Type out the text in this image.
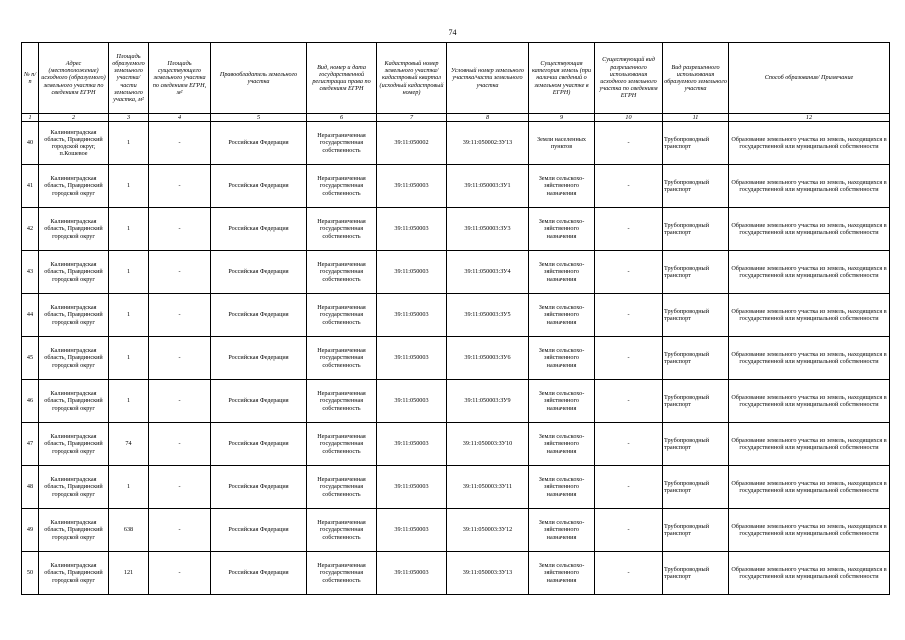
74
№ п/п	Адрес (местоположение) исходного (образуемого) земельного участка по сведениям ЕГРН	Площадь образуемого земельного участка/части земельного участка, м²	Площадь существующего земельного участка по сведениям ЕГРН, м²	Правообладатель земельного участка	Вид, номер и дата государственной регистрации права по сведениям ЕГРН	Кадастровый номер земельного участка/ кадастровый квартал (исходный кадастровый номер)	Условный номер земельного участка/части земельного участка	Существующая категория земель (при наличии сведений о земельном участке в ЕГРН)	Существующий вид разрешенного использования исходного земельного участка по сведениям ЕГРН	Вид разрешенного использования образуемого земельного участка	Способ образования/ Примечание
1	2	3	4	5	6	7	8	9	10	11	12
40	Калининградская область, Правдинский городской округ, п.Кошевое	1	-	Российская Федерация	Неразграниченная государственная собственность	39:11:050002	39:11:050002:ЗУ13	Земли населенных пунктов	-	Трубопроводный транспорт	Образование земельного участка из земель, находящихся в государственной или муниципальной собственности
41	Калининградская область, Правдинский городской округ	1	-	Российская Федерация	Неразграниченная государственная собственность	39:11:050003	39:11:050003:ЗУ1	Земли сельскохо-зяйственного назначения	-	Трубопроводный транспорт	Образование земельного участка из земель, находящихся в государственной или муниципальной собственности
42	Калининградская область, Правдинский городской округ	1	-	Российская Федерация	Неразграниченная государственная собственность	39:11:050003	39:11:050003:ЗУ3	Земли сельскохо-зяйственного назначения	-	Трубопроводный транспорт	Образование земельного участка из земель, находящихся в государственной или муниципальной собственности
43	Калининградская область, Правдинский городской округ	1	-	Российская Федерация	Неразграниченная государственная собственность	39:11:050003	39:11:050003:ЗУ4	Земли сельскохо-зяйственного назначения	-	Трубопроводный транспорт	Образование земельного участка из земель, находящихся в государственной или муниципальной собственности
44	Калининградская область, Правдинский городской округ	1	-	Российская Федерация	Неразграниченная государственная собственность	39:11:050003	39:11:050003:ЗУ5	Земли сельскохо-зяйственного назначения	-	Трубопроводный транспорт	Образование земельного участка из земель, находящихся в государственной или муниципальной собственности
45	Калининградская область, Правдинский городской округ	1	-	Российская Федерация	Неразграниченная государственная собственность	39:11:050003	39:11:050003:ЗУ6	Земли сельскохо-зяйственного назначения	-	Трубопроводный транспорт	Образование земельного участка из земель, находящихся в государственной или муниципальной собственности
46	Калининградская область, Правдинский городской округ	1	-	Российская Федерация	Неразграниченная государственная собственность	39:11:050003	39:11:050003:ЗУ9	Земли сельскохо-зяйственного назначения	-	Трубопроводный транспорт	Образование земельного участка из земель, находящихся в государственной или муниципальной собственности
47	Калининградская область, Правдинский городской округ	74	-	Российская Федерация	Неразграниченная государственная собственность	39:11:050003	39:11:050003:ЗУ10	Земли сельскохо-зяйственного назначения	-	Трубопроводный транспорт	Образование земельного участка из земель, находящихся в государственной или муниципальной собственности
48	Калининградская область, Правдинский городской округ	1	-	Российская Федерация	Неразграниченная государственная собственность	39:11:050003	39:11:050003:ЗУ11	Земли сельскохо-зяйственного назначения	-	Трубопроводный транспорт	Образование земельного участка из земель, находящихся в государственной или муниципальной собственности
49	Калининградская область, Правдинский городской округ	638	-	Российская Федерация	Неразграниченная государственная собственность	39:11:050003	39:11:050003:ЗУ12	Земли сельскохо-зяйственного назначения	-	Трубопроводный транспорт	Образование земельного участка из земель, находящихся в государственной или муниципальной собственности
50	Калининградская область, Правдинский городской округ	121	-	Российская Федерация	Неразграниченная государственная собственность	39:11:050003	39:11:050003:ЗУ13	Земли сельскохо-зяйственного назначения	-	Трубопроводный транспорт	Образование земельного участка из земель, находящихся в государственной или муниципальной собственности
